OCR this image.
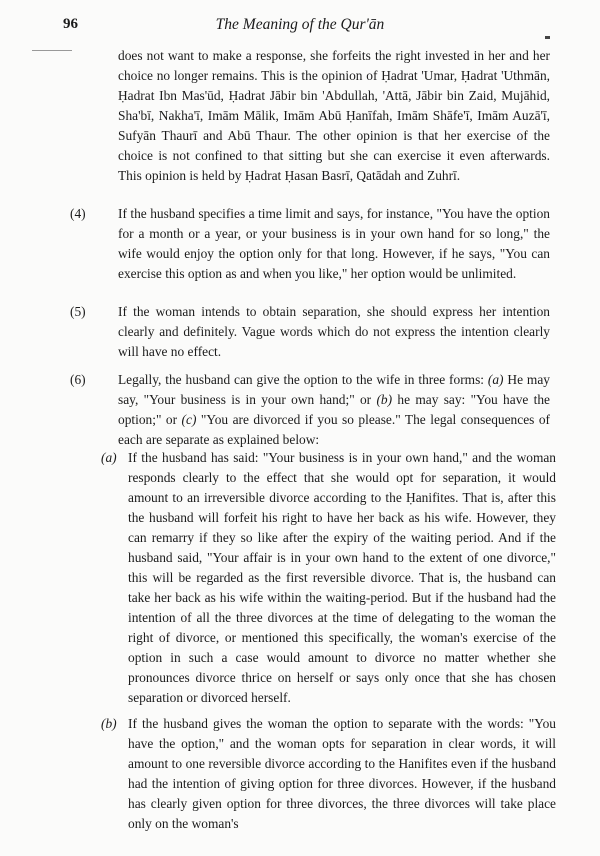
96	The Meaning of the Qur'ān
does not want to make a response, she forfeits the right invested in her and her choice no longer remains. This is the opinion of Ḥadrat 'Umar, Ḥadrat 'Uthmān, Ḥadrat Ibn Mas'ūd, Ḥadrat Jābir bin 'Abdullah, 'Attā, Jābir bin Zaid, Mujāhid, Sha'bī, Nakha'ī, Imām Mālik, Imām Abū Ḥanīfah, Imām Shāfe'ī, Imām Auzā'ī, Sufyān Thaurī and Abū Thaur. The other opinion is that her exercise of the choice is not confined to that sitting but she can exercise it even afterwards. This opinion is held by Ḥadrat Ḥasan Basrī, Qatādah and Zuhrī.
(4) If the husband specifies a time limit and says, for instance, "You have the option for a month or a year, or your business is in your own hand for so long," the wife would enjoy the option only for that long. However, if he says, "You can exercise this option as and when you like," her option would be unlimited.
(5) If the woman intends to obtain separation, she should express her intention clearly and definitely. Vague words which do not express the intention clearly will have no effect.
(6) Legally, the husband can give the option to the wife in three forms: (a) He may say, "Your business is in your own hand;" or (b) he may say: "You have the option;" or (c) "You are divorced if you so please." The legal consequences of each are separate as explained below:
(a) If the husband has said: "Your business is in your own hand," and the woman responds clearly to the effect that she would opt for separation, it would amount to an irreversible divorce according to the Ḥanifites. That is, after this the husband will forfeit his right to have her back as his wife. However, they can remarry if they so like after the expiry of the waiting period. And if the husband said, "Your affair is in your own hand to the extent of one divorce," this will be regarded as the first reversible divorce. That is, the husband can take her back as his wife within the waiting-period. But if the husband had the intention of all the three divorces at the time of delegating to the woman the right of divorce, or mentioned this specifically, the woman's exercise of the option in such a case would amount to divorce no matter whether she pronounces divorce thrice on herself or says only once that she has chosen separation or divorced herself.
(b) If the husband gives the woman the option to separate with the words: "You have the option," and the woman opts for separation in clear words, it will amount to one reversible divorce according to the Hanifites even if the husband had the intention of giving option for three divorces. However, if the husband has clearly given option for three divorces, the three divorces will take place only on the woman's
